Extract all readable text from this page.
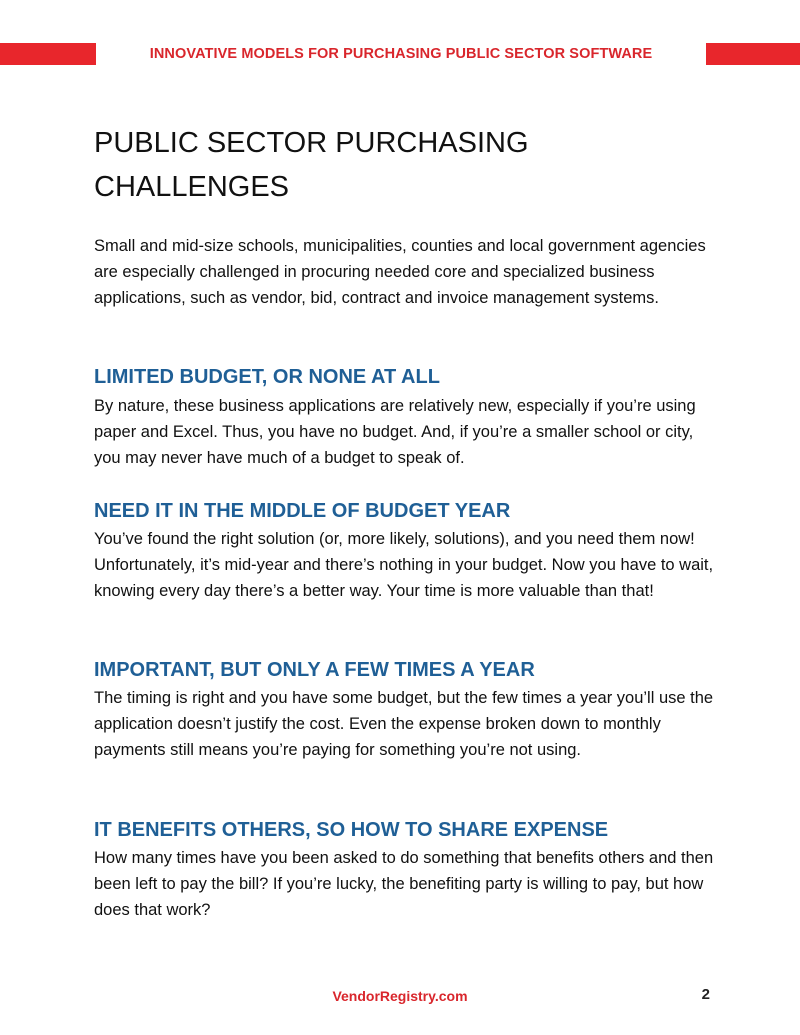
INNOVATIVE MODELS FOR PURCHASING PUBLIC SECTOR SOFTWARE
PUBLIC SECTOR PURCHASING CHALLENGES

Small and mid-size schools, municipalities, counties and local government agencies are especially challenged in procuring needed core and specialized business applications, such as vendor, bid, contract and invoice management systems.

LIMITED BUDGET, OR NONE AT ALL

By nature, these business applications are relatively new, especially if you’re using paper and Excel. Thus, you have no budget. And, if you’re a smaller school or city, you may never have much of a budget to speak of.

NEED IT IN THE MIDDLE OF BUDGET YEAR

You’ve found the right solution (or, more likely, solutions), and you need them now! Unfortunately, it’s mid-year and there’s nothing in your budget. Now you have to wait, knowing every day there’s a better way. Your time is more valuable than that!

IMPORTANT, BUT ONLY A FEW TIMES A YEAR

The timing is right and you have some budget, but the few times a year you’ll use the application doesn’t justify the cost. Even the expense broken down to monthly payments still means you’re paying for something you’re not using.

IT BENEFITS OTHERS, SO HOW TO SHARE EXPENSE

How many times have you been asked to do something that benefits others and then been left to pay the bill? If you’re lucky, the benefiting party is willing to pay, but how does that work?

VendorRegistry.com	2
